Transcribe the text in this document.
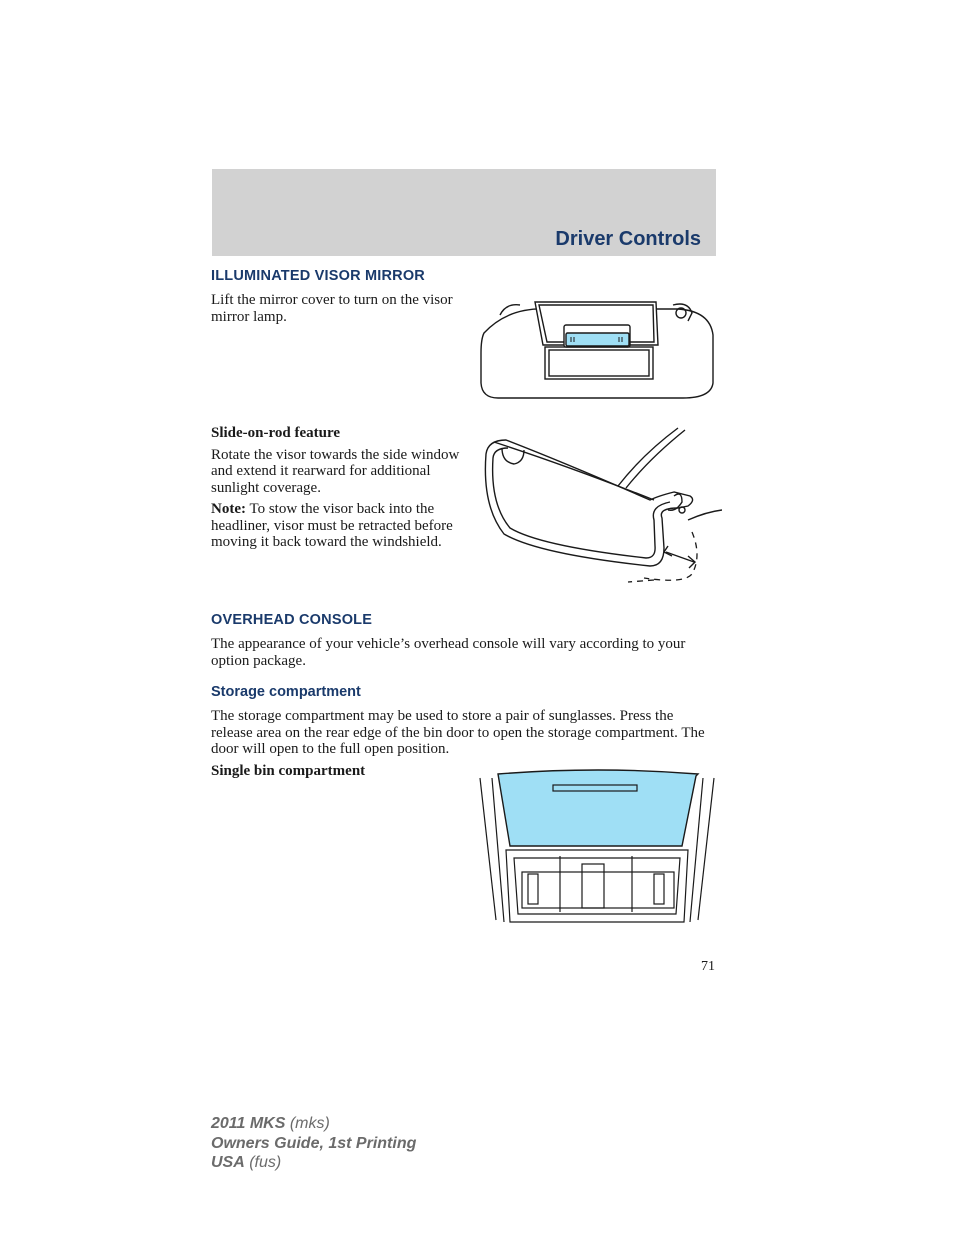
Driver Controls
ILLUMINATED VISOR MIRROR
Lift the mirror cover to turn on the visor mirror lamp.
Slide-on-rod feature
Rotate the visor towards the side window and extend it rearward for additional sunlight coverage.
Note: To stow the visor back into the headliner, visor must be retracted before moving it back toward the windshield.
OVERHEAD CONSOLE
The appearance of your vehicle’s overhead console will vary according to your option package.
Storage compartment
The storage compartment may be used to store a pair of sunglasses. Press the release area on the rear edge of the bin door to open the storage compartment. The door will open to the full open position.
Single bin compartment
71
2011 MKS (mks)
Owners Guide, 1st Printing
USA (fus)
